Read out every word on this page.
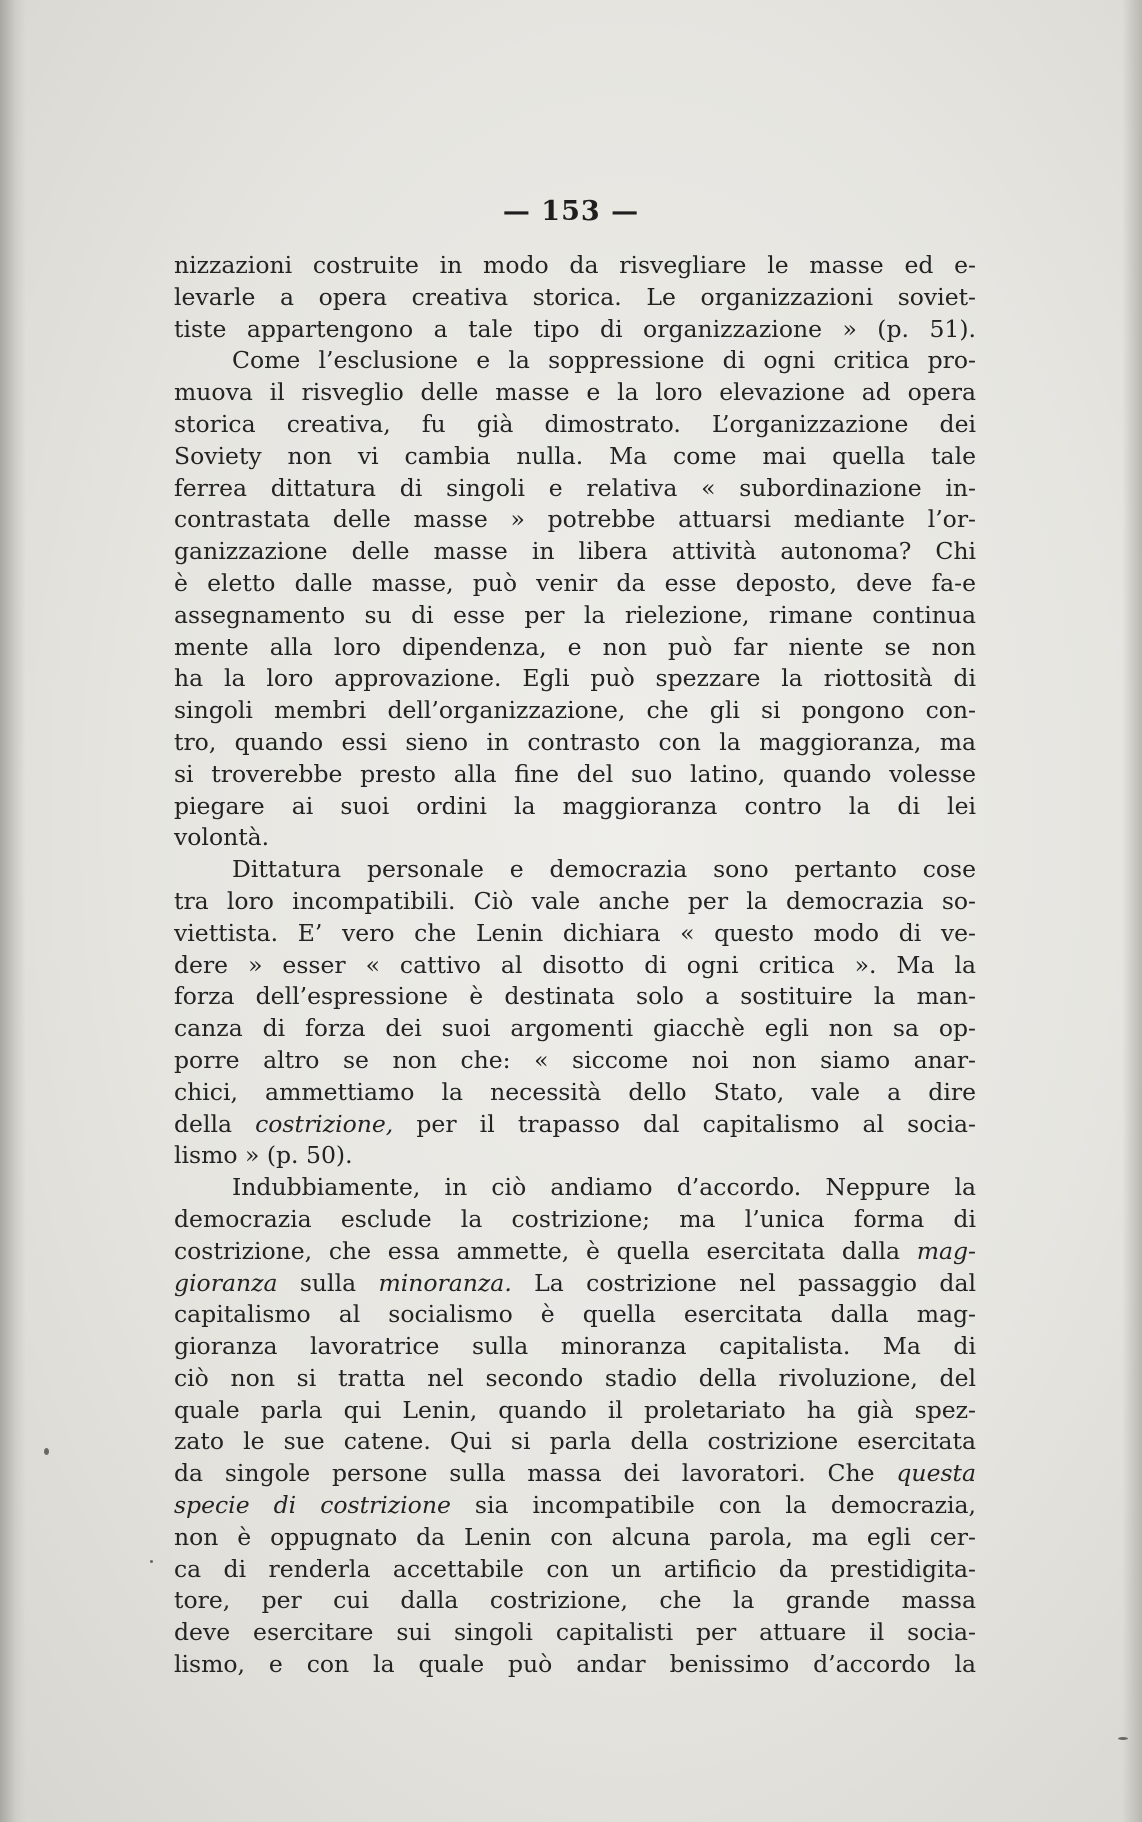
— 153 —
nizzazioni costruite in modo da risvegliare le masse ed e-
levarle a opera creativa storica. Le organizzazioni soviet-
tiste appartengono a tale tipo di organizzazione » (p. 51).
Come l’esclusione e la soppressione di ogni critica pro-
muova il risveglio delle masse e la loro elevazione ad opera
storica creativa, fu già dimostrato. L’organizzazione dei
Soviety non vi cambia nulla. Ma come mai quella tale
ferrea dittatura di singoli e relativa « subordinazione in-
contrastata delle masse » potrebbe attuarsi mediante l’or-
ganizzazione delle masse in libera attività autonoma? Chi
è eletto dalle masse, può venir da esse deposto, deve fa-e
assegnamento su di esse per la rielezione, rimane continua
mente alla loro dipendenza, e non può far niente se non
ha la loro approvazione. Egli può spezzare la riottosità di
singoli membri dell’organizzazione, che gli si pongono con-
tro, quando essi sieno in contrasto con la maggioranza, ma
si troverebbe presto alla fine del suo latino, quando volesse
piegare ai suoi ordini la maggioranza contro la di lei
volontà.
Dittatura personale e democrazia sono pertanto cose
tra loro incompatibili. Ciò vale anche per la democrazia so-
viettista. E’ vero che Lenin dichiara « questo modo di ve-
dere » esser « cattivo al disotto di ogni critica ». Ma la
forza dell’espressione è destinata solo a sostituire la man-
canza di forza dei suoi argomenti giacchè egli non sa op-
porre altro se non che: « siccome noi non siamo anar-
chici, ammettiamo la necessità dello Stato, vale a dire
della costrizione, per il trapasso dal capitalismo al socia-
lismo » (p. 50).
Indubbiamente, in ciò andiamo d’accordo. Neppure la
democrazia esclude la costrizione; ma l’unica forma di
costrizione, che essa ammette, è quella esercitata dalla mag-
gioranza sulla minoranza. La costrizione nel passaggio dal
capitalismo al socialismo è quella esercitata dalla mag-
gioranza lavoratrice sulla minoranza capitalista. Ma di
ciò non si tratta nel secondo stadio della rivoluzione, del
quale parla qui Lenin, quando il proletariato ha già spez-
zato le sue catene. Qui si parla della costrizione esercitata
da singole persone sulla massa dei lavoratori. Che questa
specie di costrizione sia incompatibile con la democrazia,
non è oppugnato da Lenin con alcuna parola, ma egli cer-
ca di renderla accettabile con un artificio da prestidigita-
tore, per cui dalla costrizione, che la grande massa
deve esercitare sui singoli capitalisti per attuare il socia-
lismo, e con la quale può andar benissimo d’accordo la
